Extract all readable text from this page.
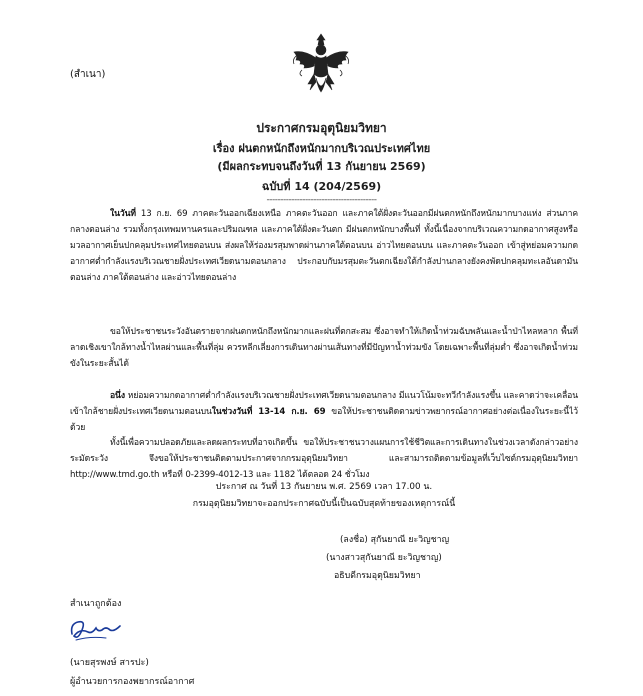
(สำเนา)
ประกาศกรมอุตุนิยมวิทยา
เรื่อง ฝนตกหนักถึงหนักมากบริเวณประเทศไทย
(มีผลกระทบจนถึงวันที่ 13 กันยายน 2569)
ฉบับที่ 14 (204/2569)
----------------------------------------
ในวันที่ 13 ก.ย. 69 ภาคตะวันออกเฉียงเหนือ ภาคตะวันออก และภาคใต้ฝั่งตะวันออกมีฝนตกหนักถึงหนักมากบางแห่ง ส่วนภาคกลางตอนล่าง รวมทั้งกรุงเทพมหานครและปริมณฑล และภาคใต้ฝั่งตะวันตก มีฝนตกหนักบางพื้นที่ ทั้งนี้เนื่องจากบริเวณความกดอากาศสูงหรือมวลอากาศเย็นปกคลุมประเทศไทยตอนบน ส่งผลให้ร่องมรสุมพาดผ่านภาคใต้ตอนบน อ่าวไทยตอนบน และภาคตะวันออก เข้าสู่หย่อมความกดอากาศต่ำกำลังแรงบริเวณชายฝั่งประเทศเวียดนามตอนกลาง ประกอบกับมรสุมตะวันตกเฉียงใต้กำลังปานกลางยังคงพัดปกคลุมทะเลอันดามันตอนล่าง ภาคใต้ตอนล่าง และอ่าวไทยตอนล่าง
ขอให้ประชาชนระวังอันตรายจากฝนตกหนักถึงหนักมากและฝนที่ตกสะสม ซึ่งอาจทำให้เกิดน้ำท่วมฉับพลันและน้ำป่าไหลหลาก พื้นที่ลาดเชิงเขาใกล้ทางน้ำไหลผ่านและพื้นที่ลุ่ม ควรหลีกเลี่ยงการเดินทางผ่านเส้นทางที่มีปัญหาน้ำท่วมขัง โดยเฉพาะพื้นที่ลุ่มต่ำ ซึ่งอาจเกิดน้ำท่วมขังในระยะสั้นได้
อนึ่ง หย่อมความกดอากาศต่ำกำลังแรงบริเวณชายฝั่งประเทศเวียดนามตอนกลาง มีแนวโน้มจะทวีกำลังแรงขึ้น และคาดว่าจะเคลื่อนเข้าใกล้ชายฝั่งประเทศเวียดนามตอนบนในช่วงวันที่ 13-14 ก.ย. 69 ขอให้ประชาชนติดตามข่าวพยากรณ์อากาศอย่างต่อเนื่องในระยะนี้ไว้ด้วย
ทั้งนี้เพื่อความปลอดภัยและลดผลกระทบที่อาจเกิดขึ้น ขอให้ประชาชนวางแผนการใช้ชีวิตและการเดินทางในช่วงเวลาดังกล่าวอย่างระมัดระวัง จึงขอให้ประชาชนติดตามประกาศจากกรมอุตุนิยมวิทยา และสามารถติดตามข้อมูลที่เว็บไซต์กรมอุตุนิยมวิทยา http://www.tmd.go.th หรือที่ 0-2399-4012-13 และ 1182 ได้ตลอด 24 ชั่วโมง
ประกาศ ณ วันที่ 13 กันยายน พ.ศ. 2569 เวลา 17.00 น.
กรมอุตุนิยมวิทยาจะออกประกาศฉบับนี้เป็นฉบับสุดท้ายของเหตุการณ์นี้
(ลงชื่อ) สุกันยาณี ยะวิญชาญ
(นางสาวสุกันยาณี ยะวิญชาญ)
อธิบดีกรมอุตุนิยมวิทยา
สำเนาถูกต้อง
(นายสุรพงษ์ สารปะ)
ผู้อำนวยการกองพยากรณ์อากาศ
